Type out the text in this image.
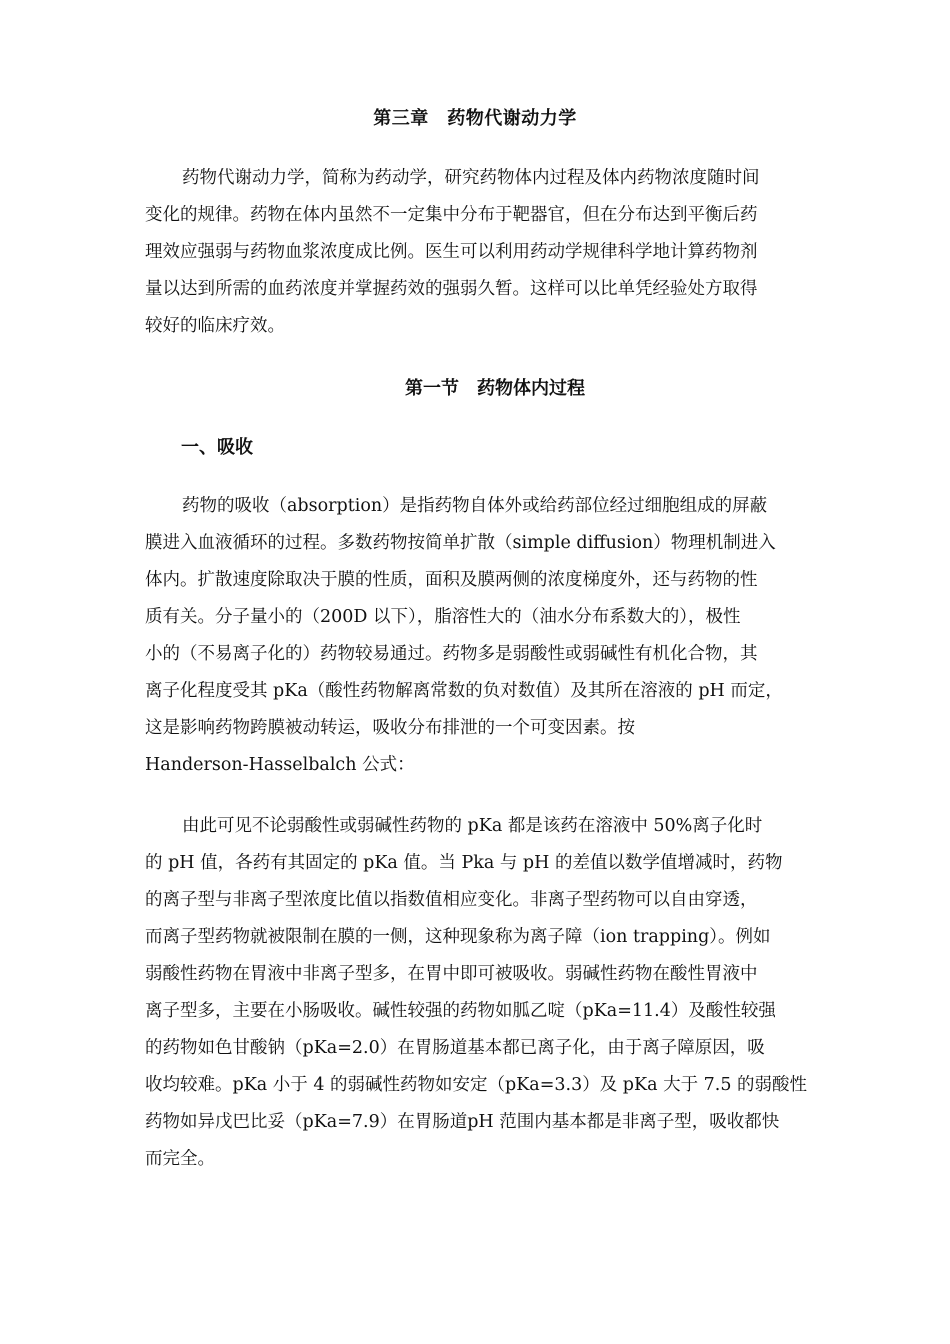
第三章　药物代谢动力学

药物代谢动力学，简称为药动学，研究药物体内过程及体内药物浓度随时间
变化的规律。药物在体内虽然不一定集中分布于靶器官，但在分布达到平衡后药
理效应强弱与药物血浆浓度成比例。医生可以利用药动学规律科学地计算药物剂
量以达到所需的血药浓度并掌握药效的强弱久暂。这样可以比单凭经验处方取得
较好的临床疗效。

第一节　药物体内过程
一、吸收

药物的吸收（absorption）是指药物自体外或给药部位经过细胞组成的屏蔽
膜进入血液循环的过程。多数药物按简单扩散（simple diffusion）物理机制进入
体内。扩散速度除取决于膜的性质，面积及膜两侧的浓度梯度外，还与药物的性
质有关。分子量小的（200D 以下），脂溶性大的（油水分布系数大的），极性
小的（不易离子化的）药物较易通过。药物多是弱酸性或弱碱性有机化合物，其
离子化程度受其 pKa（酸性药物解离常数的负对数值）及其所在溶液的 pH 而定，
这是影响药物跨膜被动转运，吸收分布排泄的一个可变因素。按
Handerson-Hasselbalch 公式：

由此可见不论弱酸性或弱碱性药物的 pKa 都是该药在溶液中 50%离子化时
的 pH 值，各药有其固定的 pKa 值。当 Pka 与 pH 的差值以数学值增减时，药物
的离子型与非离子型浓度比值以指数值相应变化。非离子型药物可以自由穿透，
而离子型药物就被限制在膜的一侧，这种现象称为离子障（ion trapping）。例如
弱酸性药物在胃液中非离子型多，在胃中即可被吸收。弱碱性药物在酸性胃液中
离子型多，主要在小肠吸收。碱性较强的药物如胍乙啶（pKa=11.4）及酸性较强
的药物如色甘酸钠（pKa=2.0）在胃肠道基本都已离子化，由于离子障原因，吸
收均较难。pKa 小于 4 的弱碱性药物如安定（pKa=3.3）及 pKa 大于 7.5 的弱酸性
药物如异戊巴比妥（pKa=7.9）在胃肠道pH 范围内基本都是非离子型，吸收都快
而完全。
